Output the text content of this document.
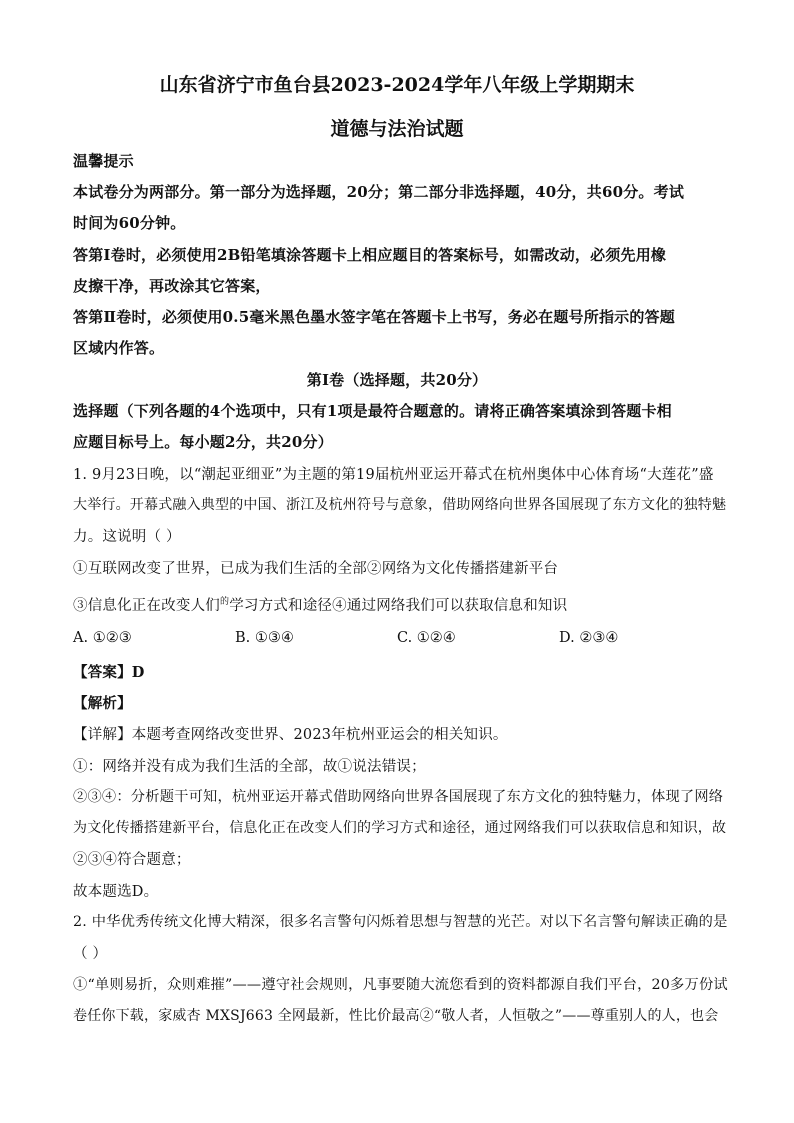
山东省济宁市鱼台县2023-2024学年八年级上学期期末
道德与法治试题
温馨提示
本试卷分为两部分。第一部分为选择题，20分；第二部分非选择题，40分，共60分。考试
时间为60分钟。
答第Ⅰ卷时，必须使用2B铅笔填涂答题卡上相应题目的答案标号，如需改动，必须先用橡
皮擦干净，再改涂其它答案，
答第Ⅱ卷时，必须使用0.5毫米黑色墨水签字笔在答题卡上书写，务必在题号所指示的答题
区域内作答。
第Ⅰ卷（选择题，共20分）
选择题（下列各题的4个选项中，只有1项是最符合题意的。请将正确答案填涂到答题卡相
应题目标号上。每小题2分，共20分）
1. 9月23日晚，以“潮起亚细亚”为主题的第19届杭州亚运开幕式在杭州奥体中心体育场“大莲花”盛
大举行。开幕式融入典型的中国、浙江及杭州符号与意象，借助网络向世界各国展现了东方文化的独特魅
力。这说明（ ）
①互联网改变了世界，已成为我们生活的全部②网络为文化传播搭建新平台
③信息化正在改变人们$^的$学习方式和途径④通过网络我们可以获取信息和知识
A. ①②③	B. ①③④	C. ①②④	D. ②③④
【答案】D
【解析】
【详解】本题考查网络改变世界、2023年杭州亚运会的相关知识。
①：网络并没有成为我们生活的全部，故①说法错误；
②③④：分析题干可知，杭州亚运开幕式借助网络向世界各国展现了东方文化的独特魅力，体现了网络
为文化传播搭建新平台，信息化正在改变人们的学习方式和途径，通过网络我们可以获取信息和知识，故
②③④符合题意；
故本题选D。
2. 中华优秀传统文化博大精深，很多名言警句闪烁着思想与智慧的光芒。对以下名言警句解读正确的是
（ ）
①“单则易折，众则难摧”——遵守社会规则，凡事要随大流您看到的资料都源自我们平台，20多万份试
卷任你下载，家威杏 MXSJ663 全网最新，性比价最高②“敬人者，人恒敬之”——尊重别人的人，也会
